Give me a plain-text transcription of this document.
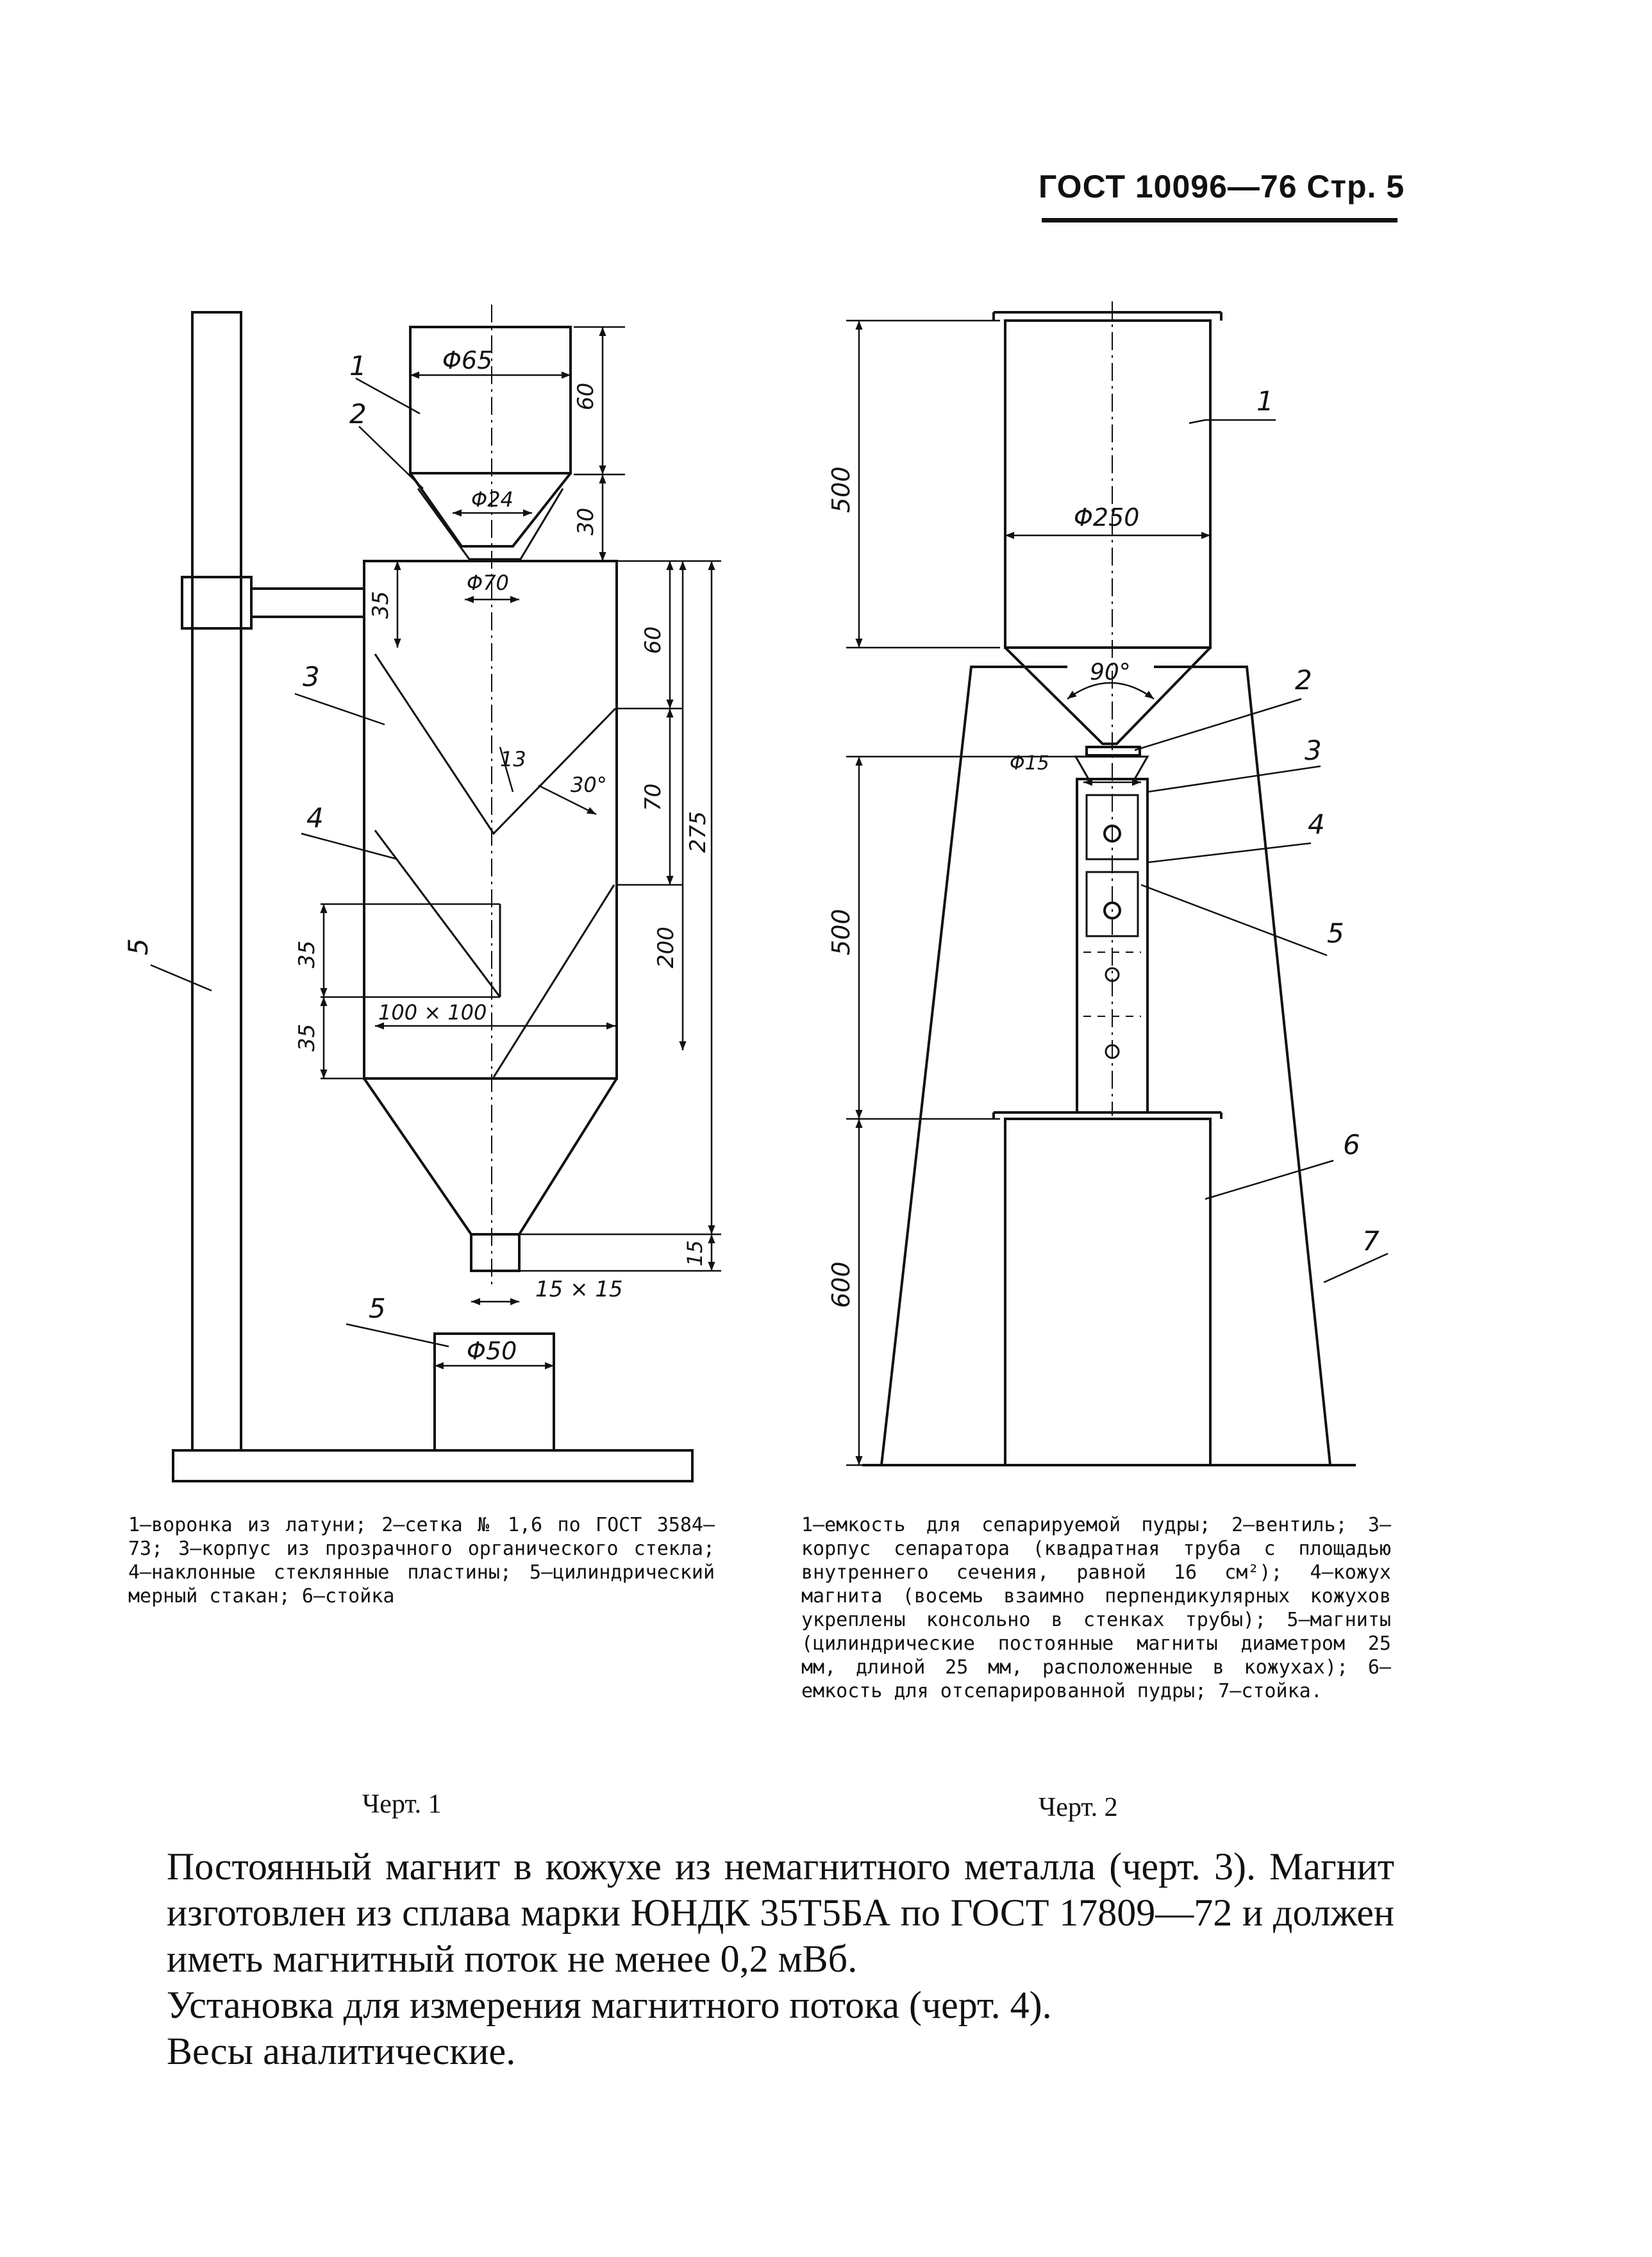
ГОСТ 10096—76 Стр. 5
1
2
3
4
5
5
Φ65
Φ24
Φ70
Φ50
60
30
35
60
70
275
200
35
35
100 × 100
15
15 × 15
13
30°
1
2
3
4
5
6
7
500
Φ250
90°
Φ15
500
600
1—воронка из латуни; 2—сетка № 1,6 по ГОСТ 3584—73; 3—корпус из прозрачного органического стекла; 4—наклонные стеклянные пластины; 5—цилиндрический мерный стакан; 6—стойка
1—емкость для сепарируемой пудры; 2—вентиль; 3—корпус сепаратора (квадратная труба с площадью внутреннего сечения, равной 16 см²); 4—кожух магнита (восемь взаимно перпендикулярных кожухов укреплены консольно в стенках трубы); 5—магниты (цилиндрические постоянные магниты диаметром 25 мм, длиной 25 мм, расположенные в кожухах); 6—емкость для отсепарированной пудры; 7—стойка.
Черт. 1	Черт. 2

Постоянный магнит в кожухе из немагнитного металла (черт. 3). Магнит изготовлен из сплава марки ЮНДК 35Т5БА по ГОСТ 17809—72 и должен иметь магнитный поток не менее 0,2 мВб.

Установка для измерения магнитного потока (черт. 4).

Весы аналитические.
